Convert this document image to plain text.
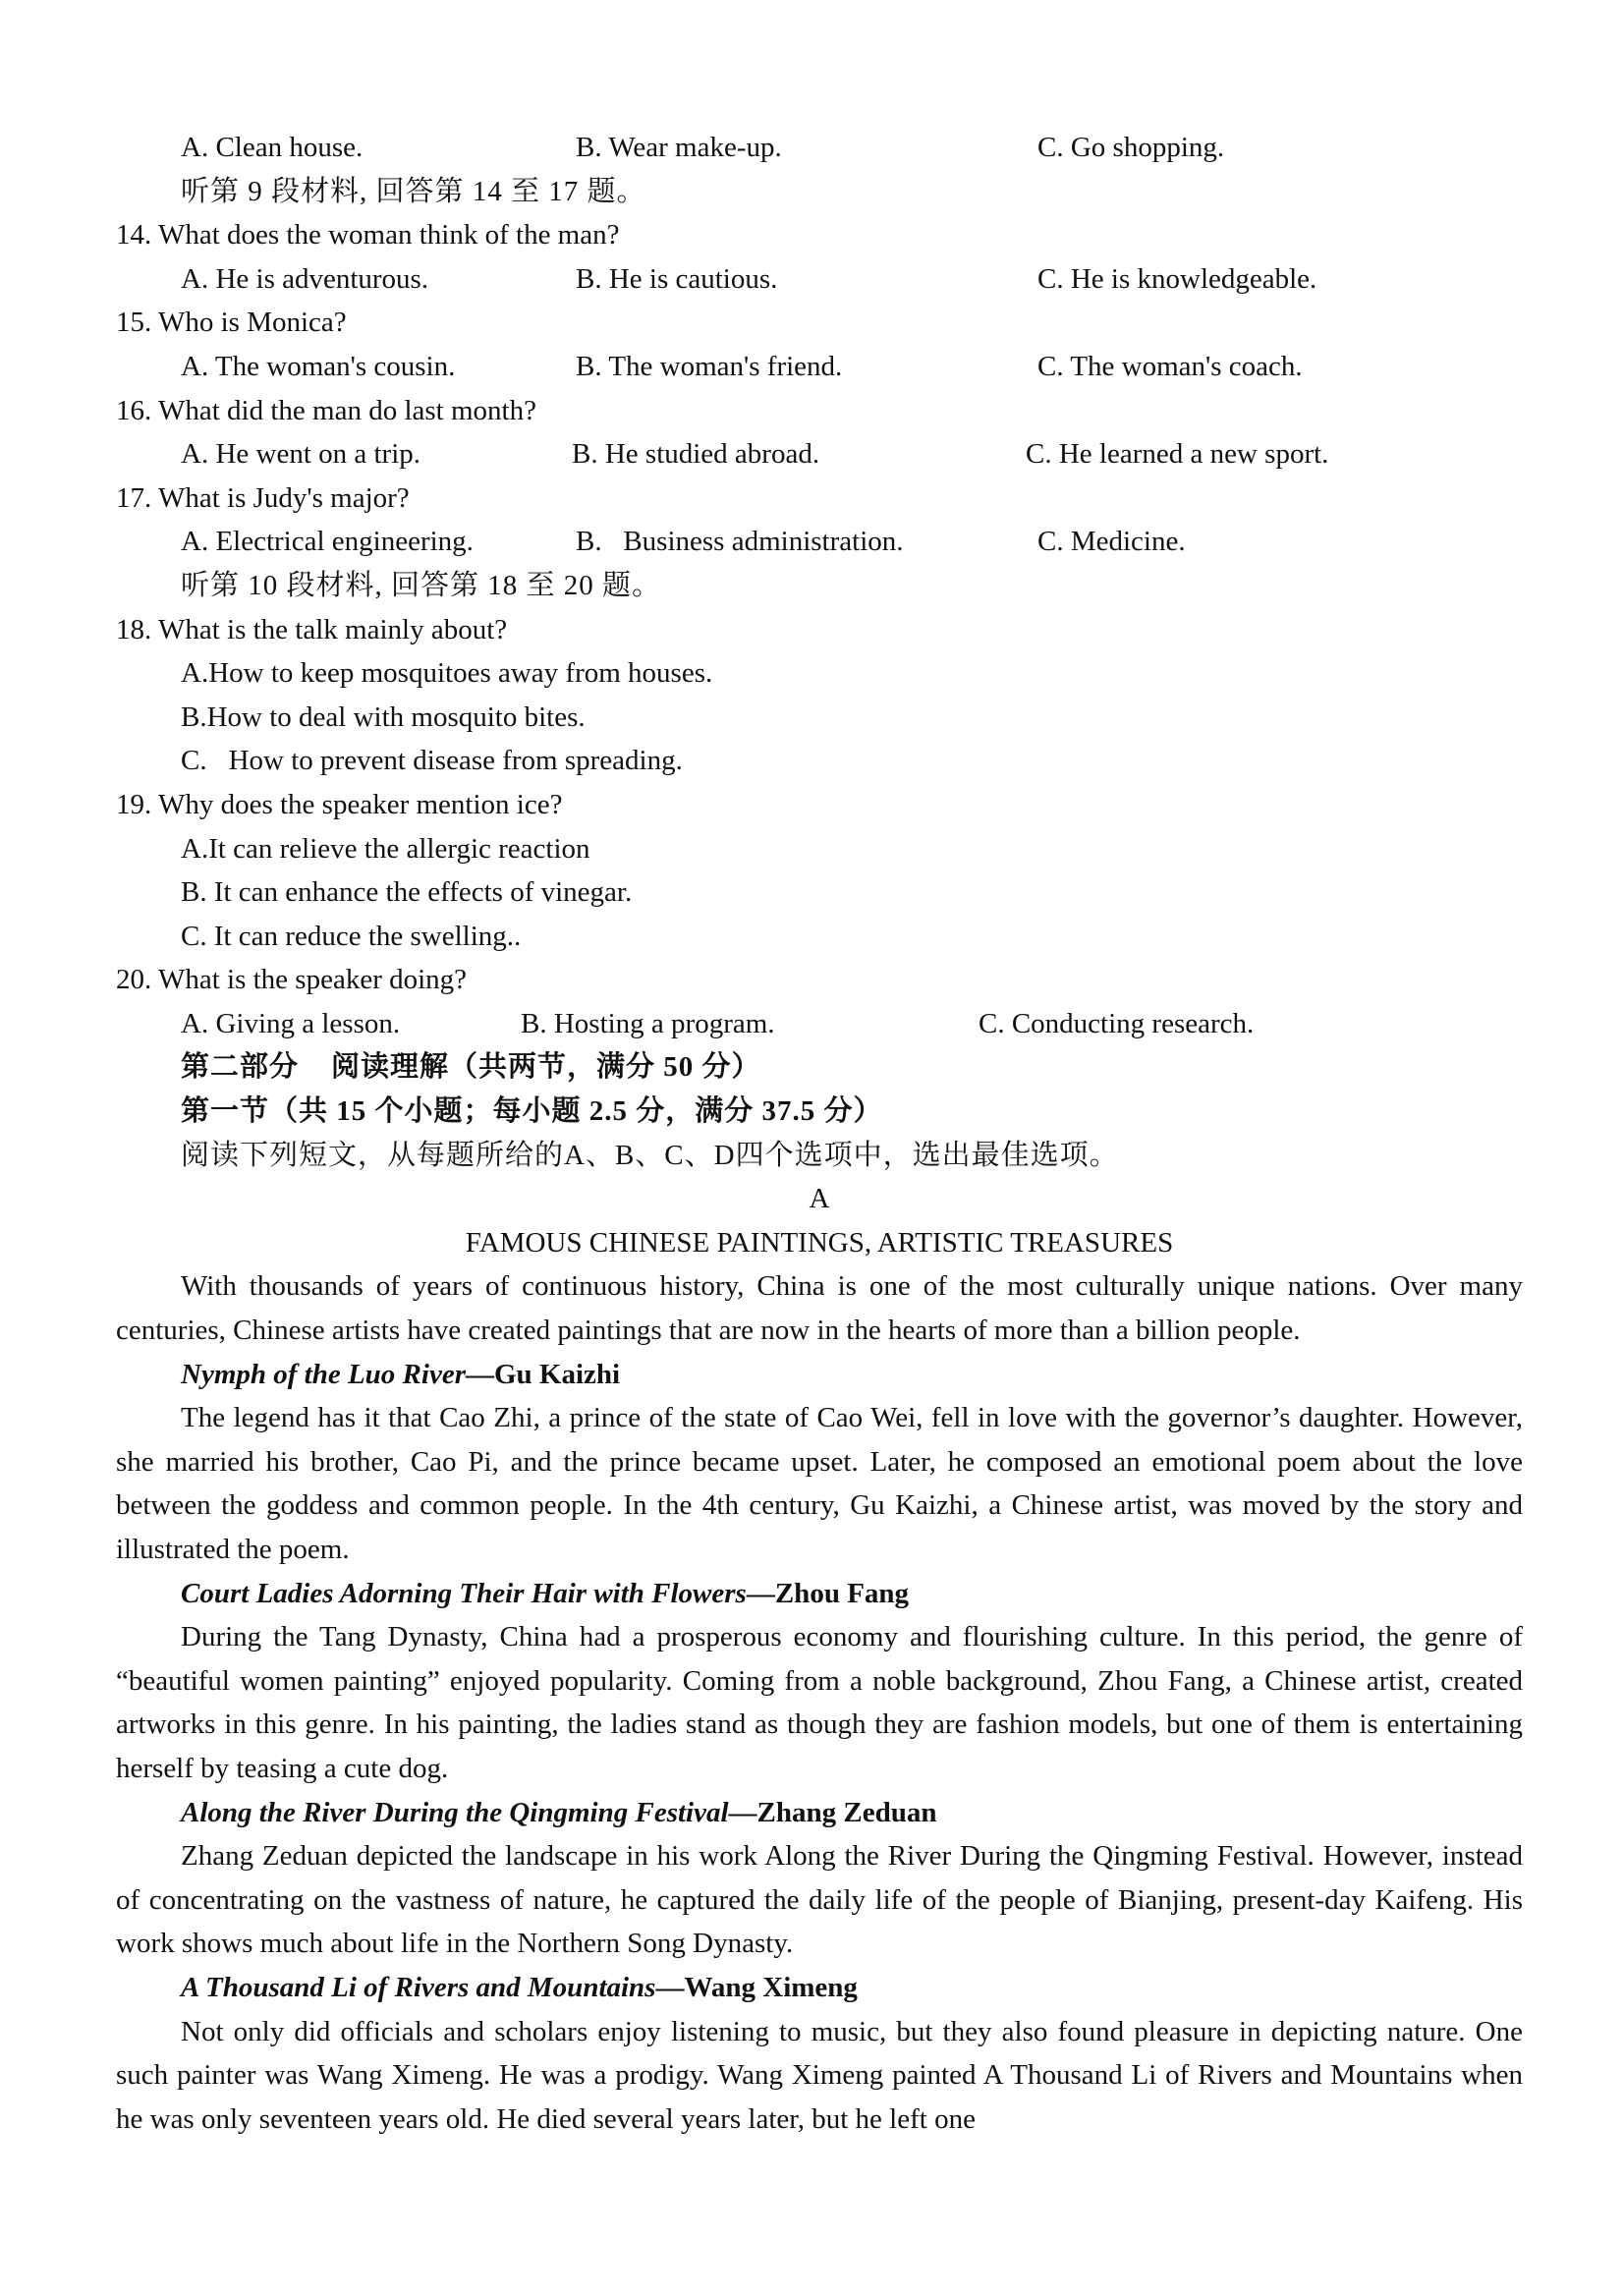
A. Clean house.	B. Wear make-up.	C. Go shopping.
听第 9 段材料, 回答第 14 至 17 题。
14. What does the woman think of the man?
A. He is adventurous.	B. He is cautious.	C. He is knowledgeable.
15. Who is Monica?
A. The woman's cousin.	B. The woman's friend.	C. The woman's coach.
16. What did the man do last month?
A. He went on a trip.	B. He studied abroad.	C. He learned a new sport.
17. What is Judy's major?
A. Electrical engineering.	B.   Business administration.	C. Medicine.
听第 10 段材料, 回答第 18 至 20 题。
18. What is the talk mainly about?
A.How to keep mosquitoes away from houses.
B.How to deal with mosquito bites.
C. How to prevent disease from spreading.
19. Why does the speaker mention ice?
A.It can relieve the allergic reaction
B. It can enhance the effects of vinegar.
C. It can reduce the swelling..
20. What is the speaker doing?
A. Giving a lesson.	B. Hosting a program.	C. Conducting research.
第二部分    阅读理解（共两节，满分 50 分）
第一节（共 15 个小题；每小题 2.5 分，满分 37.5 分）
阅读下列短文，从每题所给的A、B、C、D四个选项中，选出最佳选项。
A
FAMOUS CHINESE PAINTINGS, ARTISTIC TREASURES
With thousands of years of continuous history, China is one of the most culturally unique nations. Over many centuries, Chinese artists have created paintings that are now in the hearts of more than a billion people.
Nymph of the Luo River—Gu Kaizhi
The legend has it that Cao Zhi, a prince of the state of Cao Wei, fell in love with the governor’s daughter. However, she married his brother, Cao Pi, and the prince became upset. Later, he composed an emotional poem about the love between the goddess and common people. In the 4th century, Gu Kaizhi, a Chinese artist, was moved by the story and illustrated the poem.
Court Ladies Adorning Their Hair with Flowers—Zhou Fang
During the Tang Dynasty, China had a prosperous economy and flourishing culture. In this period, the genre of “beautiful women painting” enjoyed popularity. Coming from a noble background, Zhou Fang, a Chinese artist, created artworks in this genre. In his painting, the ladies stand as though they are fashion models, but one of them is entertaining herself by teasing a cute dog.
Along the River During the Qingming Festival—Zhang Zeduan
Zhang Zeduan depicted the landscape in his work Along the River During the Qingming Festival. However, instead of concentrating on the vastness of nature, he captured the daily life of the people of Bianjing, present-day Kaifeng. His work shows much about life in the Northern Song Dynasty.
A Thousand Li of Rivers and Mountains—Wang Ximeng
Not only did officials and scholars enjoy listening to music, but they also found pleasure in depicting nature. One such painter was Wang Ximeng. He was a prodigy. Wang Ximeng painted A Thousand Li of Rivers and Mountains when he was only seventeen years old. He died several years later, but he left one
